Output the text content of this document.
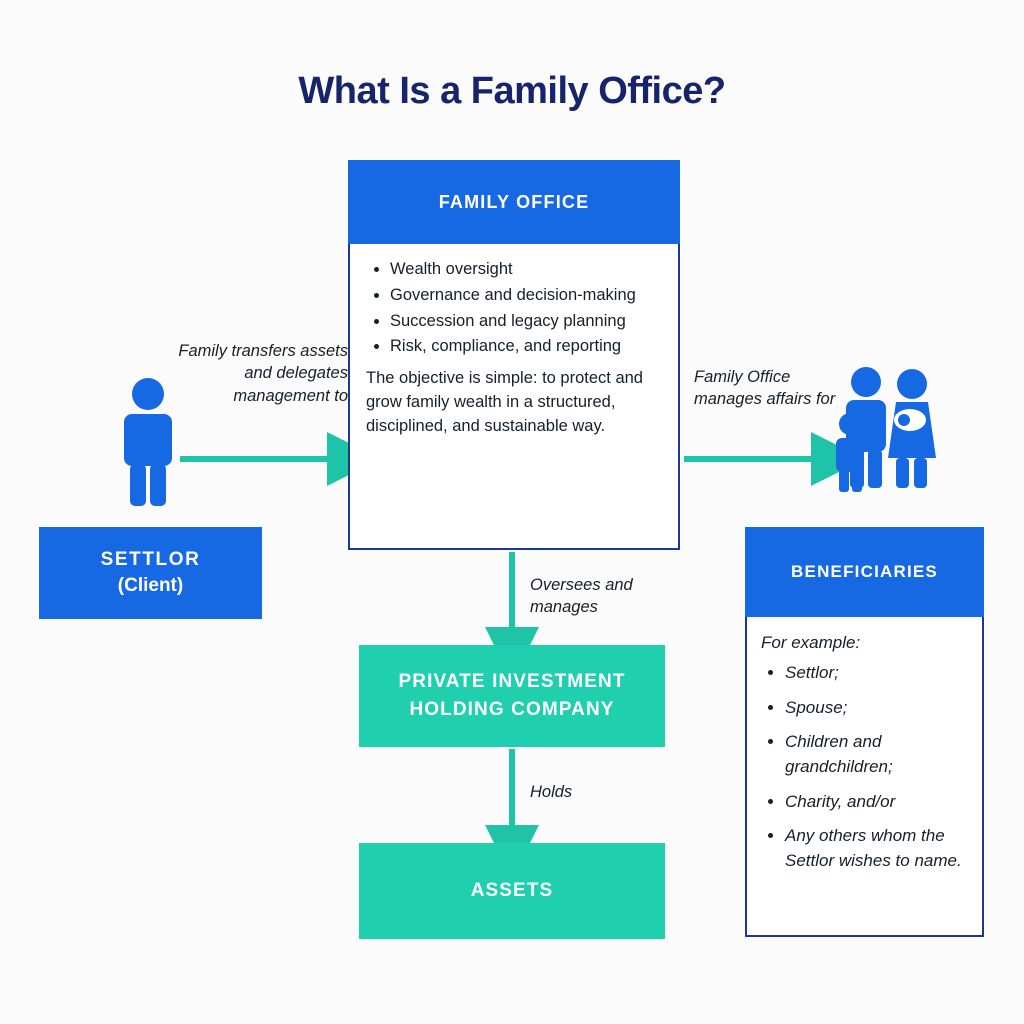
What Is a Family Office?
FAMILY OFFICE
• Wealth oversight
• Governance and decision-making
• Succession and legacy planning
• Risk, compliance, and reporting
The objective is simple: to protect and grow family wealth in a structured, disciplined, and sustainable way.
SETTLOR
(Client)
BENEFICIARIES
For example:
• Settlor;
• Spouse;
• Children and grandchildren;
• Charity, and/or
• Any others whom the Settlor wishes to name.
PRIVATE INVESTMENT HOLDING COMPANY
ASSETS
Family transfers assets and delegates management to
Family Office manages affairs for
Oversees and manages
Holds
